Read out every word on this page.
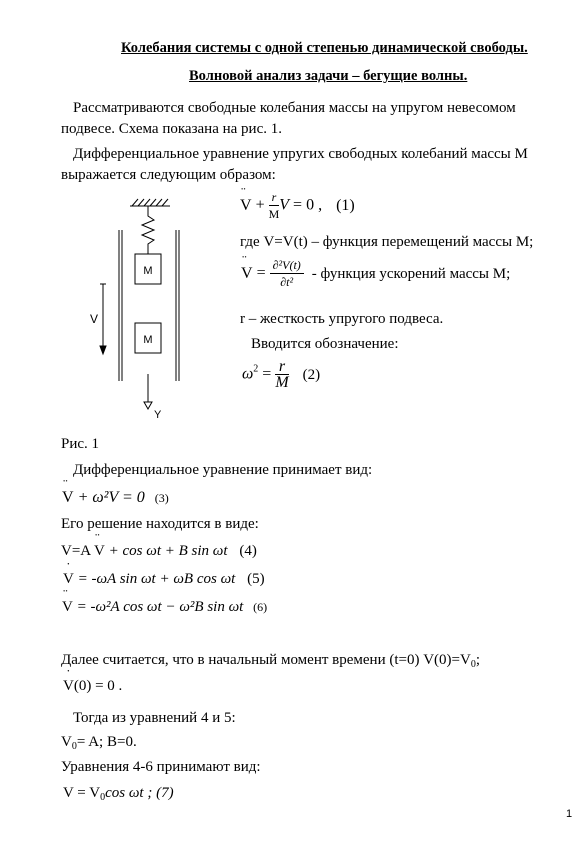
Колебания системы с одной степенью динамической свободы.
Волновой анализ задачи – бегущие волны.
Рассматриваются свободные колебания массы на упругом невесомом подвесе. Схема показана на рис. 1.
Дифференциальное уравнение упругих свободных колебаний массы M выражается следующим образом:
M
M
V
Y
¨ $V + \frac{r}{M}$ V = 0 , (1)
где V=V(t) – функция перемещений массы M;
¨ $V = \frac{\text{∂²V(t)}}{\text{∂t²}}$ - функция ускорений массы M;
r – жесткость упругого подвеса.
Вводится обозначение:
$\omega^2 = \frac{r}{M} (2)$
Рис. 1
Дифференциальное уравнение принимает вид:
¨ V + ω²V = 0 (3)
Его решение находится в виде:
V=A ¨ V + cos ωt + B sin ωt (4)
˙ V = -ωA sin ωt + ωB cos ωt (5)
¨ V = -ω²A cos ωt − ω²B sin ωt (6)
Далее считается, что в начальный момент времени (t=0) $V(0)=V_0$;
˙ V(0) = 0 .
Тогда из уравнений 4 и 5:
$V_0= A$; B=0.
Уравнения 4-6 принимают вид:
$V = V_0\cos$ ωt ; (7)
1
